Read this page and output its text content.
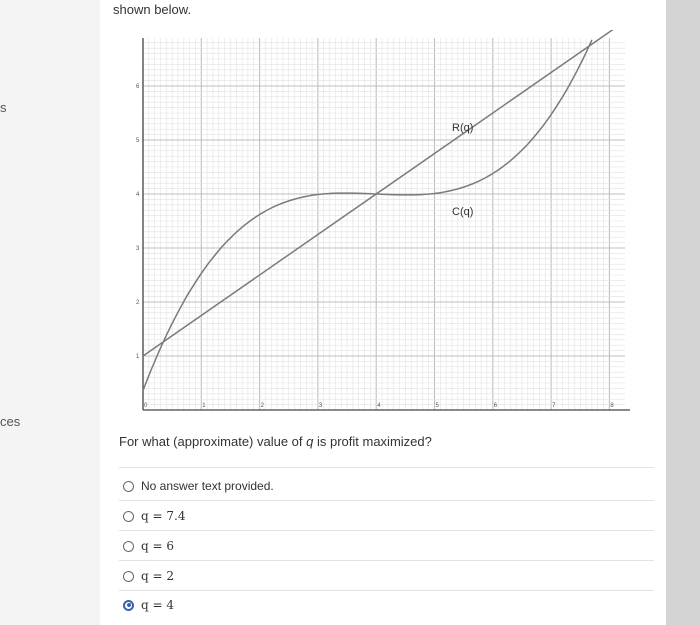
s
ces
shown below.
0	1	2	3	4	5	6	7	8
1
2
3
4
5
6
R(q)
C(q)
For what (approximate) value of q is profit maximized?
No answer text provided.
q = 7.4
q = 6
q = 2
q = 4
